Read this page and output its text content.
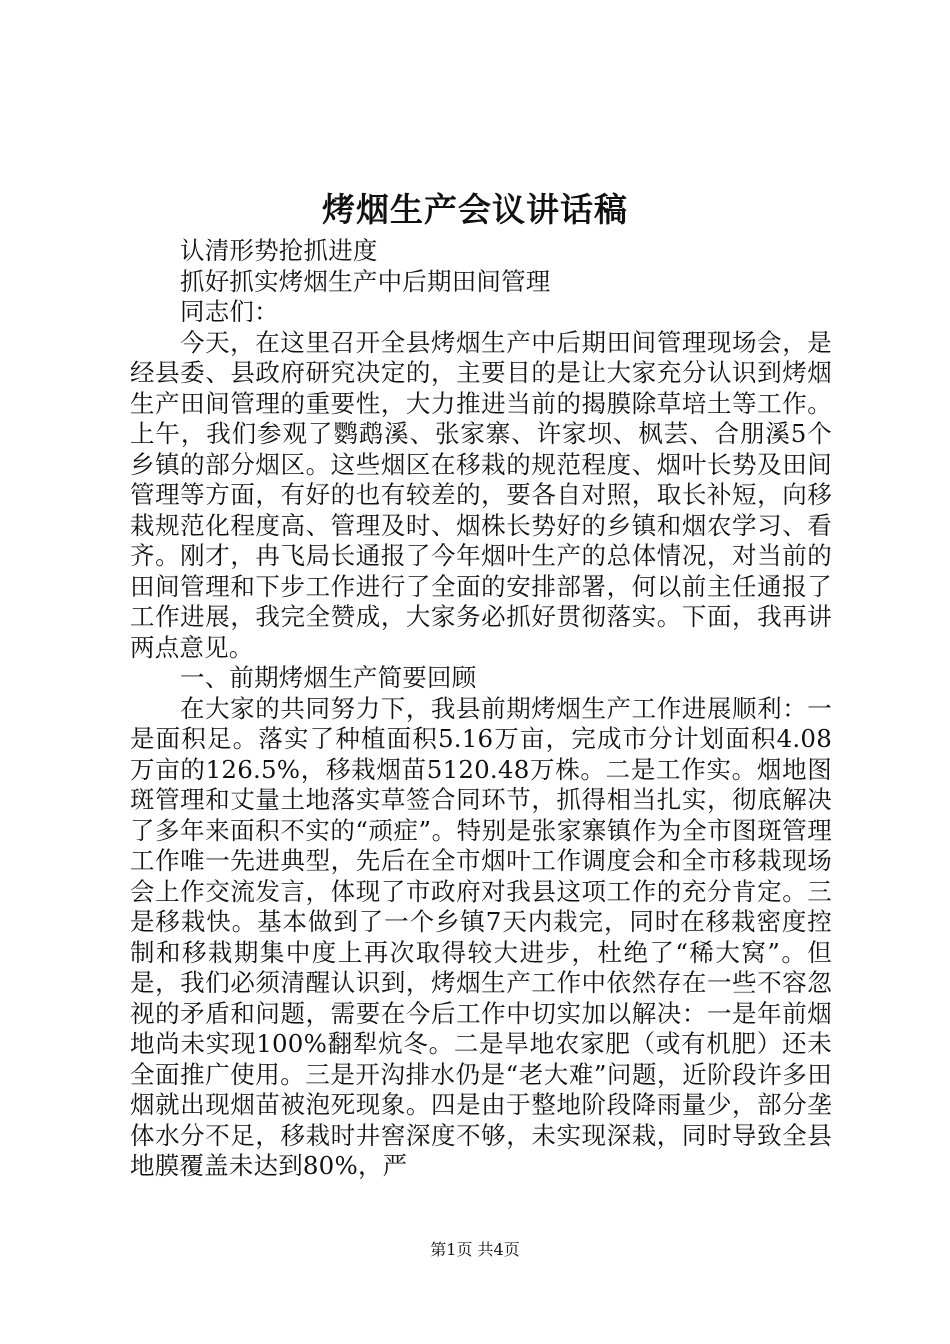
烤烟生产会议讲话稿

认清形势抢抓进度

抓好抓实烤烟生产中后期田间管理

同志们：

今天，在这里召开全县烤烟生产中后期田间管理现场会，是经县委、县政府研究决定的，主要目的是让大家充分认识到烤烟生产田间管理的重要性，大力推进当前的揭膜除草培土等工作。上午，我们参观了鹦鹉溪、张家寨、许家坝、枫芸、合朋溪5个乡镇的部分烟区。这些烟区在移栽的规范程度、烟叶长势及田间管理等方面，有好的也有较差的，要各自对照，取长补短，向移栽规范化程度高、管理及时、烟株长势好的乡镇和烟农学习、看齐。刚才，冉飞局长通报了今年烟叶生产的总体情况，对当前的田间管理和下步工作进行了全面的安排部署，何以前主任通报了工作进展，我完全赞成，大家务必抓好贯彻落实。下面，我再讲两点意见。

一、前期烤烟生产简要回顾

在大家的共同努力下，我县前期烤烟生产工作进展顺利：一是面积足。落实了种植面积5.16万亩，完成市分计划面积4.08万亩的126.5%，移栽烟苗5120.48万株。二是工作实。烟地图斑管理和丈量土地落实草签合同环节，抓得相当扎实，彻底解决了多年来面积不实的“顽症”。特别是张家寨镇作为全市图斑管理工作唯一先进典型，先后在全市烟叶工作调度会和全市移栽现场会上作交流发言，体现了市政府对我县这项工作的充分肯定。三是移栽快。基本做到了一个乡镇7天内栽完，同时在移栽密度控制和移栽期集中度上再次取得较大进步，杜绝了“稀大窝”。但是，我们必须清醒认识到，烤烟生产工作中依然存在一些不容忽视的矛盾和问题，需要在今后工作中切实加以解决：一是年前烟地尚未实现100%翻犁炕冬。二是旱地农家肥（或有机肥）还未全面推广使用。三是开沟排水仍是“老大难”问题，近阶段许多田烟就出现烟苗被泡死现象。四是由于整地阶段降雨量少，部分垄体水分不足，移栽时井窖深度不够，未实现深栽，同时导致全县地膜覆盖未达到80%，严

第1页 共4页
